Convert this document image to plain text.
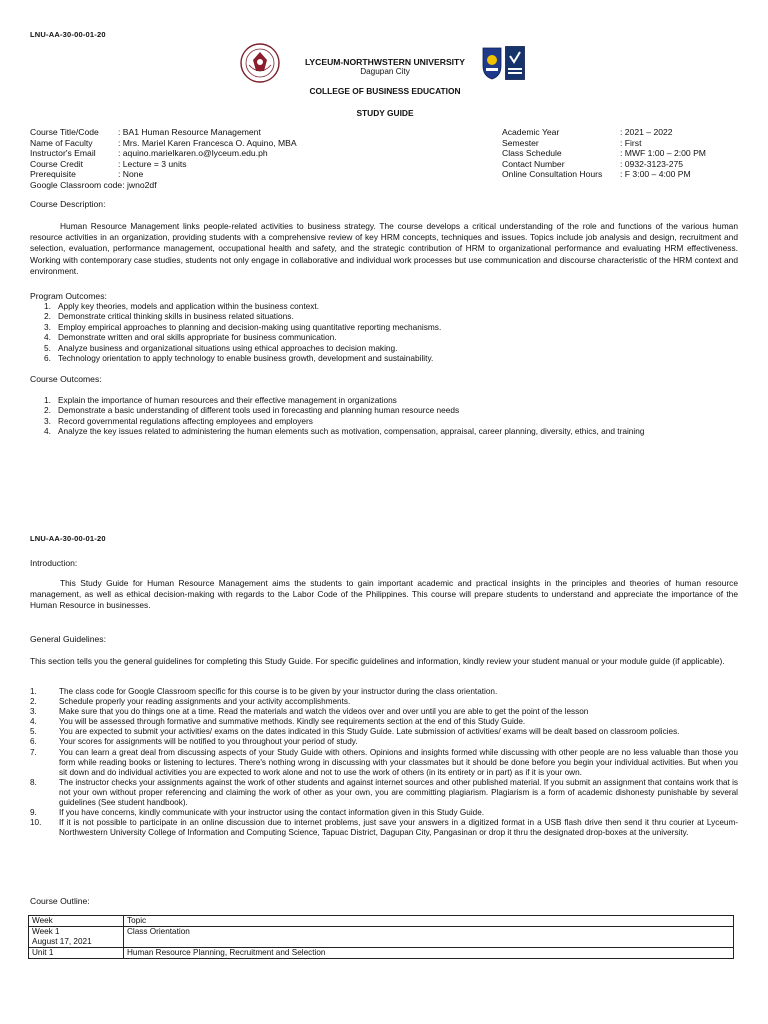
LNU-AA-30-00-01-20
LYCEUM-NORTHWSTERN UNIVERSITY
Dagupan City
COLLEGE OF BUSINESS EDUCATION
STUDY GUIDE
Course Title/Code	: BA1 Human Resource Management
Name of Faculty	: Mrs. Mariel Karen Francesca O. Aquino, MBA
Instructor's Email	: aquino.marielkaren.o@lyceum.edu.ph
Course Credit	: Lecture = 3 units
Prerequisite	: None
Google Classroom code: jwno2df
Academic Year	: 2021 – 2022
Semester	: First
Class Schedule	: MWF 1:00 – 2:00 PM
Contact Number	: 0932-3123-275
Online Consultation Hours	: F 3:00 – 4:00 PM
Course Description:
Human Resource Management links people-related activities to business strategy. The course develops a critical understanding of the role and functions of the various human resource activities in an organization, providing students with a comprehensive review of key HRM concepts, techniques and issues. Topics include job analysis and design, recruitment and selection, evaluation, performance management, occupational health and safety, and the strategic contribution of HRM to organizational performance and evaluating HRM effectiveness. Working with contemporary case studies, students not only engage in collaborative and individual work processes but use communication and discourse characteristic of the HRM context and environment.
Program Outcomes:
1. Apply key theories, models and application within the business context.
2. Demonstrate critical thinking skills in business related situations.
3. Employ empirical approaches to planning and decision-making using quantitative reporting mechanisms.
4. Demonstrate written and oral skills appropriate for business communication.
5. Analyze business and organizational situations using ethical approaches to decision making.
6. Technology orientation to apply technology to enable business growth, development and sustainability.
Course Outcomes:
1. Explain the importance of human resources and their effective management in organizations
2. Demonstrate a basic understanding of different tools used in forecasting and planning human resource needs
3. Record governmental regulations affecting employees and employers
4. Analyze the key issues related to administering the human elements such as motivation, compensation, appraisal, career planning, diversity, ethics, and training
LNU-AA-30-00-01-20
Introduction:
This Study Guide for Human Resource Management aims the students to gain important academic and practical insights in the principles and theories of human resource management, as well as ethical decision-making with regards to the Labor Code of the Philippines. This course will prepare students to understand and appreciate the importance of the Human Resource in businesses.
General Guidelines:
This section tells you the general guidelines for completing this Study Guide. For specific guidelines and information, kindly review your student manual or your module guide (if applicable).
1.	The class code for Google Classroom specific for this course is to be given by your instructor during the class orientation.
2.	Schedule properly your reading assignments and your activity accomplishments.
3.	Make sure that you do things one at a time. Read the materials and watch the videos over and over until you are able to get the point of the lesson
4.	You will be assessed through formative and summative methods. Kindly see requirements section at the end of this Study Guide.
5.	You are expected to submit your activities/ exams on the dates indicated in this Study Guide. Late submission of activities/ exams will be dealt based on classroom policies.
6.	Your scores for assignments will be notified to you throughout your period of study.
7.	You can learn a great deal from discussing aspects of your Study Guide with others. Opinions and insights formed while discussing with other people are no less valuable than those you form while reading books or listening to lectures. There's nothing wrong in discussing with your classmates but it should be done before you begin your individual activities. But when you sit down and do individual activities you are expected to work alone and not to use the work of others (in its entirety or in part) as if it is your own.
8.	The instructor checks your assignments against the work of other students and against internet sources and other published material. If you submit an assignment that contains work that is not your own without proper referencing and claiming the work of other as your own, you are committing plagiarism. Plagiarism is a form of academic dishonesty punishable by several guidelines (See student handbook).
9.	If you have concerns, kindly communicate with your instructor using the contact information given in this Study Guide.
10. If it is not possible to participate in an online discussion due to internet problems, just save your answers in a digitized format in a USB flash drive then send it thru courier at Lyceum-Northwestern University College of Information and Computing Science, Tapuac District, Dagupan City, Pangasinan or drop it thru the designated drop-boxes at the university.
Course Outline:
Week	Topic
Week 1
August 17, 2021	Class Orientation
Unit 1	Human Resource Planning, Recruitment and Selection
